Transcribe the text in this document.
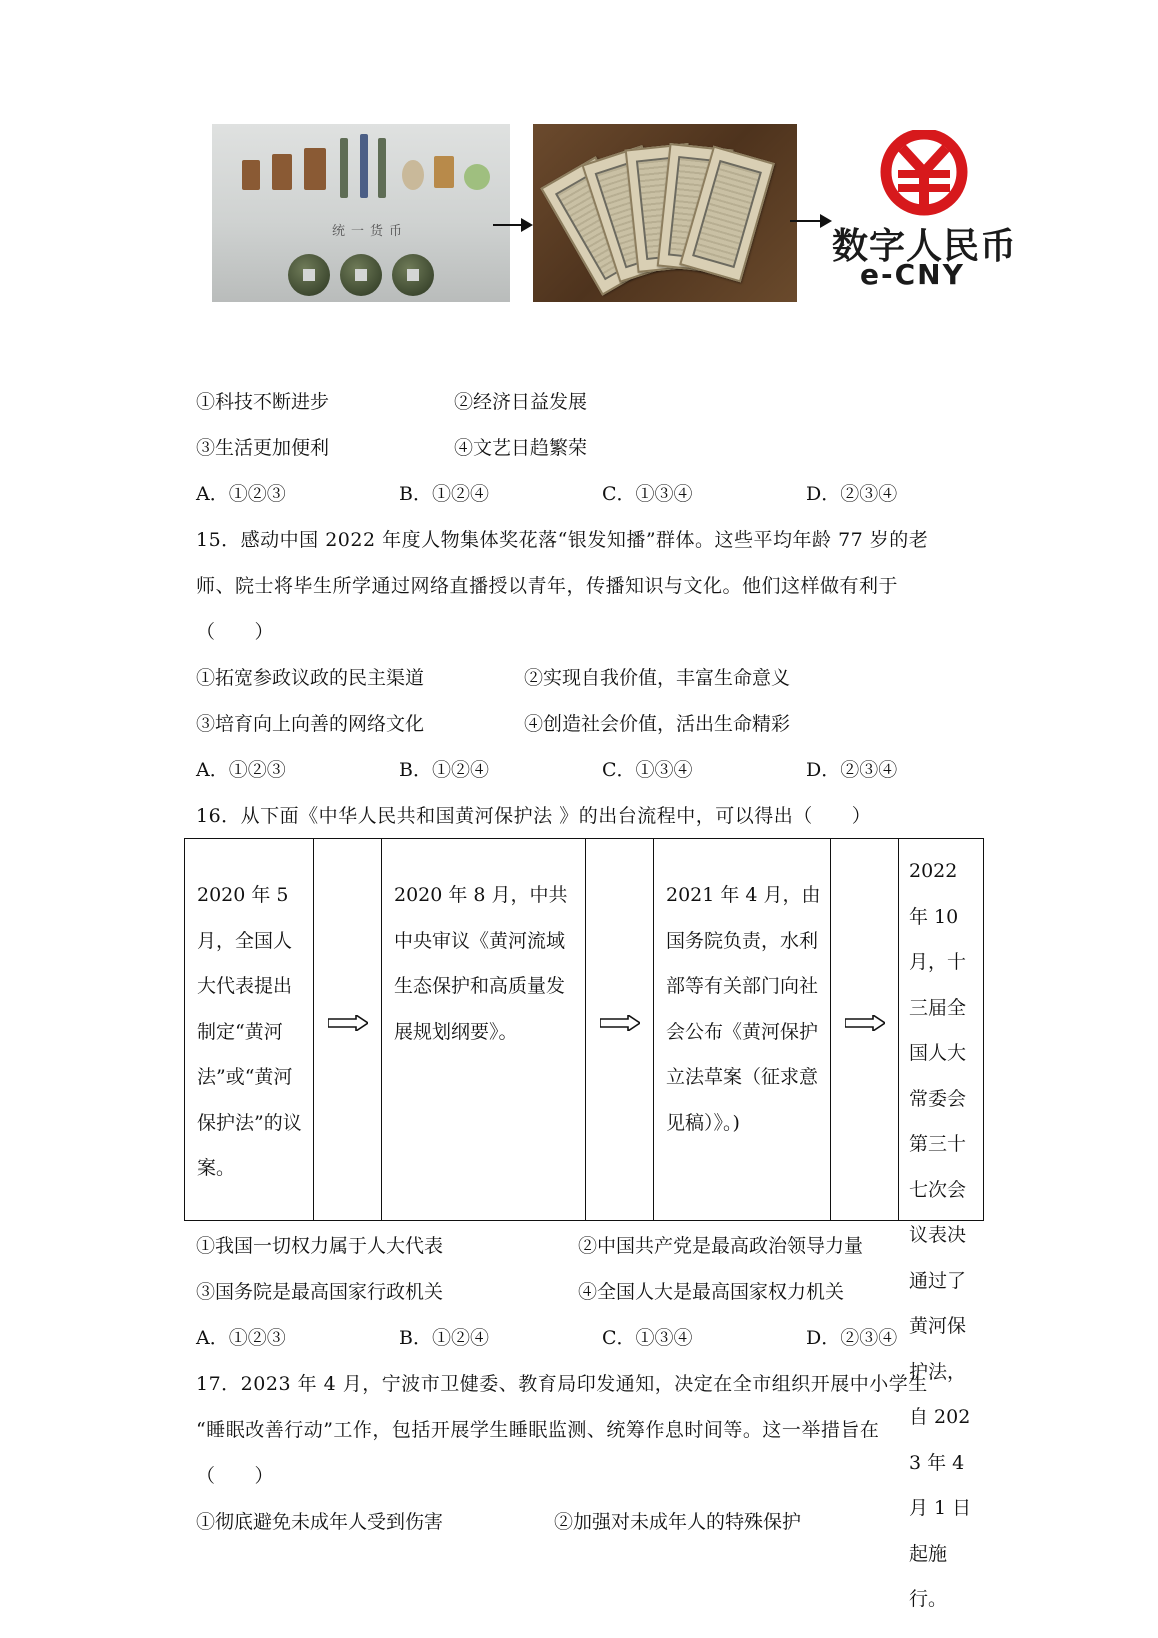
统一货币	数字人民币
e-CNY
①科技不断进步	②经济日益发展
③生活更加便利	④文艺日趋繁荣
A．①②③	B．①②④	C．①③④	D．②③④
15．感动中国 2022 年度人物集体奖花落“银发知播”群体。这些平均年龄 77 岁的老
师、院士将毕生所学通过网络直播授以青年，传播知识与文化。他们这样做有利于
（　　）
①拓宽参政议政的民主渠道	②实现自我价值，丰富生命意义
③培育向上向善的网络文化	④创造社会价值，活出生命精彩
A．①②③	B．①②④	C．①③④	D．②③④
16．从下面《中华人民共和国黄河保护法 》的出台流程中，可以得出（　　）
2020 年 5 月，全国人大代表提出制定“黄河法”或“黄河保护法”的议案。
2020 年 8 月，中共中央审议《黄河流域生态保护和高质量发展规划纲要》。
2021 年 4 月，由国务院负责，水利部等有关部门向社会公布《黄河保护立法草案（征求意见稿）》。)
2022 年 10 月，十三届全国人大常委会第三十七次会议表决通过了黄河保护法，自 2023 年 4 月 1 日起施行。
①我国一切权力属于人大代表	②中国共产党是最高政治领导力量
③国务院是最高国家行政机关	④全国人大是最高国家权力机关
A．①②③	B．①②④	C．①③④	D．②③④
17．2023 年 4 月，宁波市卫健委、教育局印发通知，决定在全市组织开展中小学生
“睡眠改善行动”工作，包括开展学生睡眠监测、统筹作息时间等。这一举措旨在
（　　）
①彻底避免未成年人受到伤害	②加强对未成年人的特殊保护
